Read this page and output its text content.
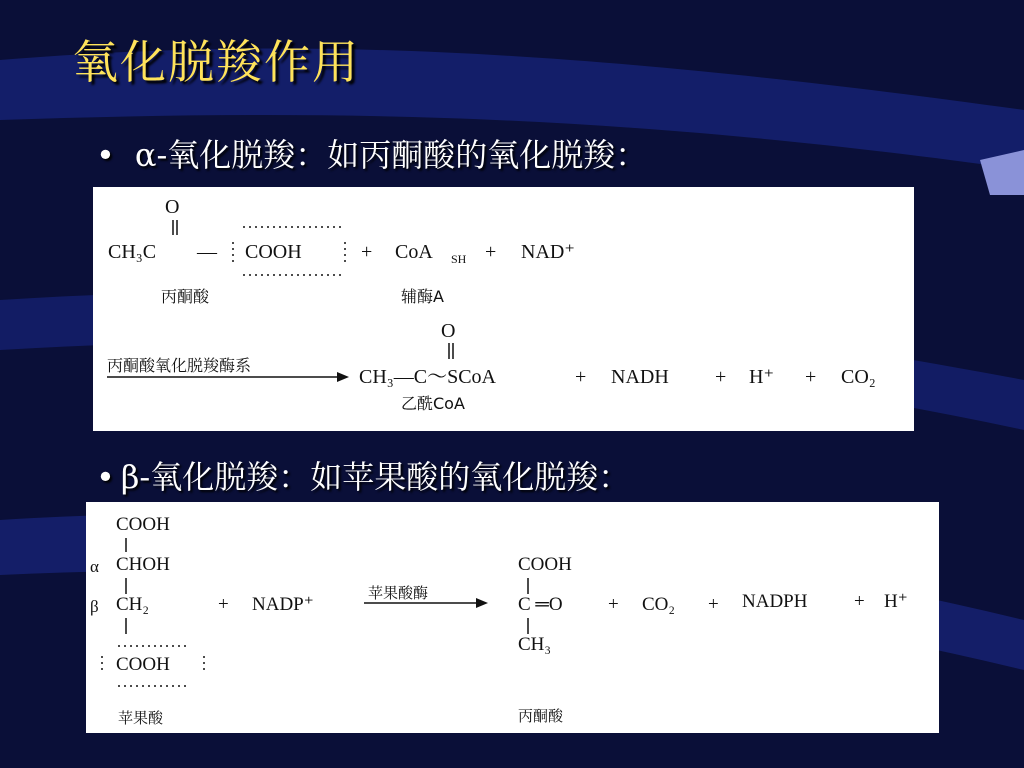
氧化脱羧作用
• α-氧化脱羧：如丙酮酸的氧化脱羧：
O
CH₃C — COOH	+ CoA SH + NAD⁺
丙酮酸	辅酶A
丙酮酸氧化脱羧酶系
O
CH₃—C～SCoA	+ NADH + H⁺ + CO₂
乙酰CoA
• β-氧化脱羧：如苹果酸的氧化脱羧：
COOH
α CHOH
β CH₂
COOH
+ NADP⁺
苹果酸
苹果酸酶
COOH
C ═O
CH₃
+ CO₂ + NADPH + H⁺
丙酮酸
